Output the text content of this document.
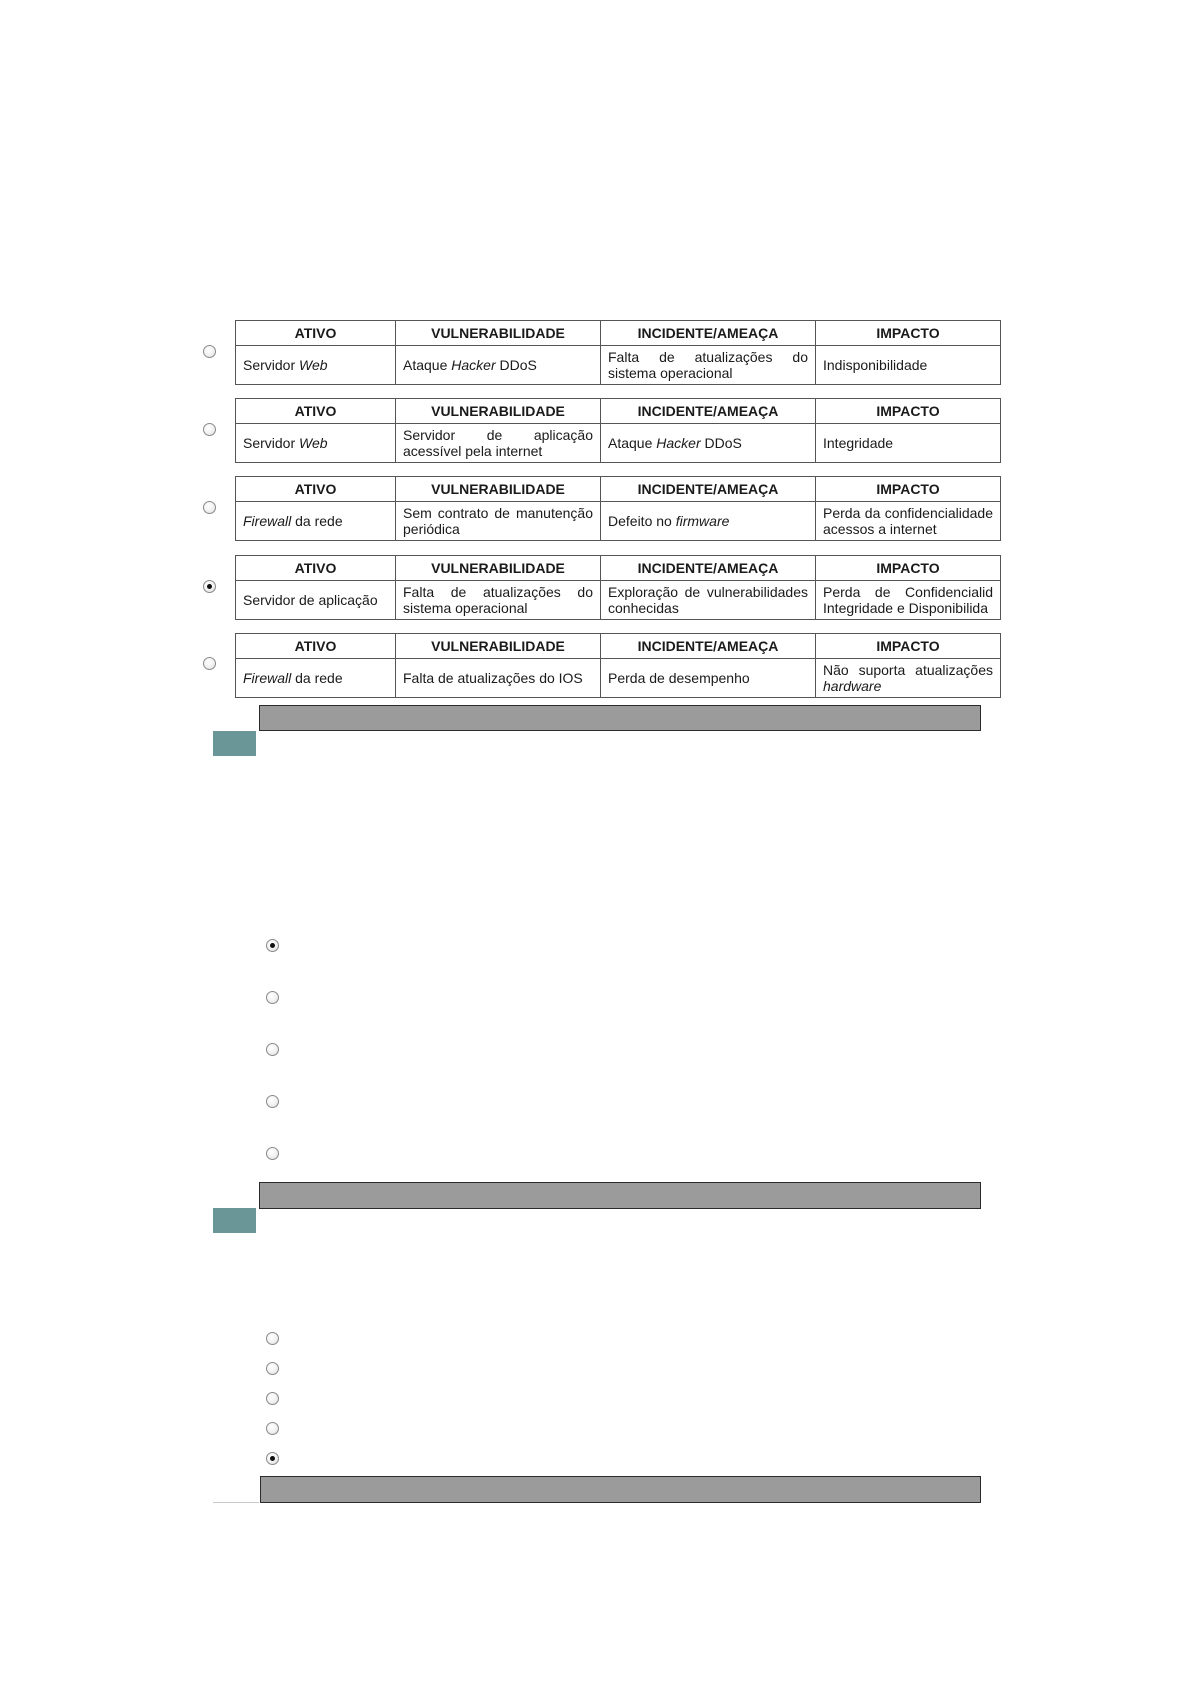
ATIVO	VULNERABILIDADE	INCIDENTE/AMEAÇA	IMPACTO

Servidor Web	Ataque Hacker DDoS	Falta de atualizações do sistema operacional	Indisponibilidade
ATIVO	VULNERABILIDADE	INCIDENTE/AMEAÇA	IMPACTO

Servidor Web	Servidor de aplicação acessível pela internet	Ataque Hacker DDoS	Integridade
ATIVO	VULNERABILIDADE	INCIDENTE/AMEAÇA	IMPACTO

Firewall da rede	Sem contrato de manutenção periódica	Defeito no firmware	Perda da confidencialidade acessos a internet
ATIVO	VULNERABILIDADE	INCIDENTE/AMEAÇA	IMPACTO

Servidor de aplicação	Falta de atualizações do sistema operacional	Exploração de vulnerabilidades conhecidas	Perda de Confidencialid Integridade e Disponibilida
ATIVO	VULNERABILIDADE	INCIDENTE/AMEAÇA	IMPACTO

Firewall da rede	Falta de atualizações do IOS	Perda de desempenho	Não suporta atualizações hardware
